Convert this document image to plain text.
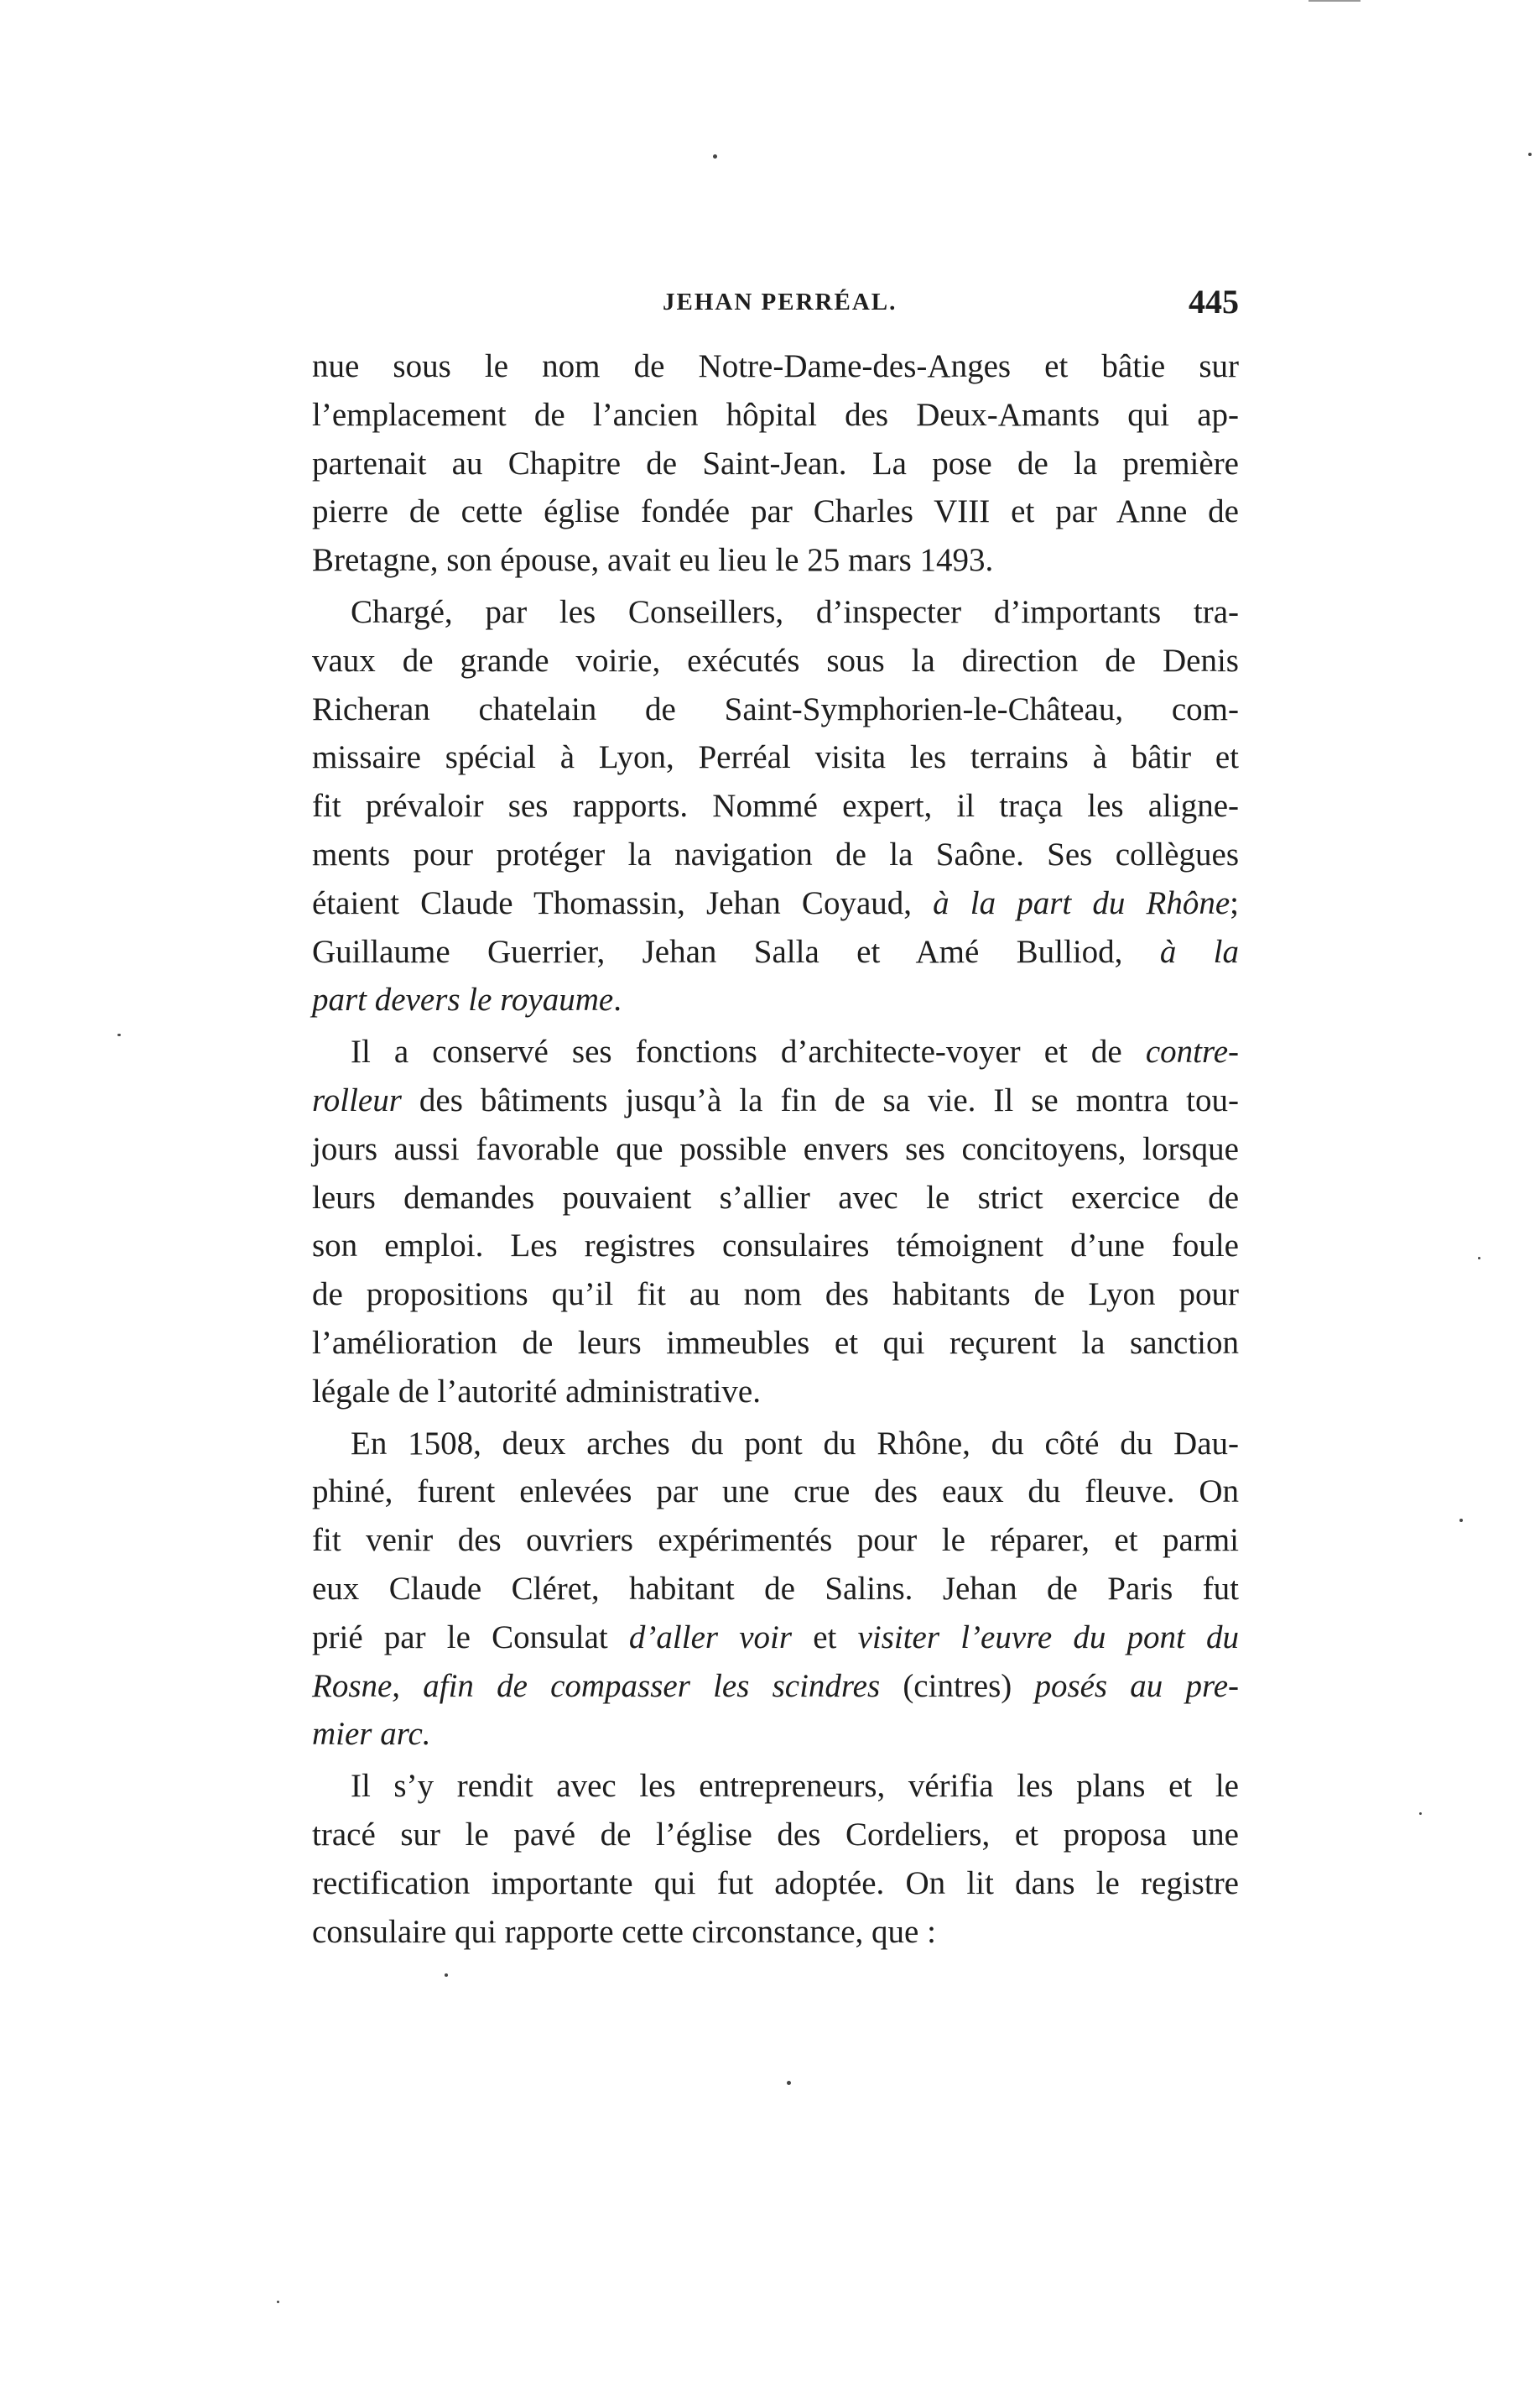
JEHAN PERRÉAL.	445
nue sous le nom de Notre-Dame-des-Anges et bâtie sur
l’emplacement de l’ancien hôpital des Deux-Amants qui ap-
partenait au Chapitre de Saint-Jean. La pose de la première
pierre de cette église fondée par Charles VIII et par Anne de
Bretagne, son épouse, avait eu lieu le 25 mars 1493.
Chargé, par les Conseillers, d’inspecter d’importants tra-
vaux de grande voirie, exécutés sous la direction de Denis
Richeran chatelain de Saint-Symphorien-le-Château, com-
missaire spécial à Lyon, Perréal visita les terrains à bâtir et
fit prévaloir ses rapports. Nommé expert, il traça les aligne-
ments pour protéger la navigation de la Saône. Ses collègues
étaient Claude Thomassin, Jehan Coyaud, à la part du Rhône;
Guillaume Guerrier, Jehan Salla et Amé Bulliod, à la
part devers le royaume.
Il a conservé ses fonctions d’architecte-voyer et de contre-
rolleur des bâtiments jusqu’à la fin de sa vie. Il se montra tou-
jours aussi favorable que possible envers ses concitoyens, lorsque
leurs demandes pouvaient s’allier avec le strict exercice de
son emploi. Les registres consulaires témoignent d’une foule
de propositions qu’il fit au nom des habitants de Lyon pour
l’amélioration de leurs immeubles et qui reçurent la sanction
légale de l’autorité administrative.
En 1508, deux arches du pont du Rhône, du côté du Dau-
phiné, furent enlevées par une crue des eaux du fleuve. On
fit venir des ouvriers expérimentés pour le réparer, et parmi
eux Claude Cléret, habitant de Salins. Jehan de Paris fut
prié par le Consulat d’aller voir et visiter l’euvre du pont du
Rosne, afin de compasser les scindres (cintres) posés au pre-
mier arc.
Il s’y rendit avec les entrepreneurs, vérifia les plans et le
tracé sur le pavé de l’église des Cordeliers, et proposa une
rectification importante qui fut adoptée. On lit dans le registre
consulaire qui rapporte cette circonstance, que :
